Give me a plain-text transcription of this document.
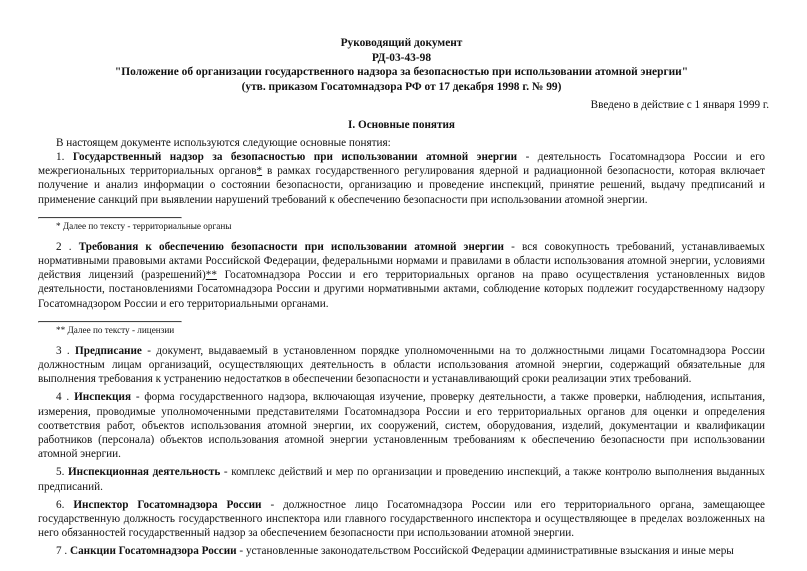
Руководящий документ
РД-03-43-98
"Положение об организации государственного надзора за безопасностью при использовании атомной энергии"
(утв. приказом Госатомнадзора РФ от 17 декабря 1998 г. № 99)
Введено в действие с 1 января 1999 г.
I. Основные понятия

В настоящем документе используются следующие основные понятия:

1. Государственный надзор за безопасностью при использовании атомной энергии - деятельность Госатомнадзора России и его межрегиональных территориальных органов* в рамках государственного регулирования ядерной и радиационной безопасности, которая включает получение и анализ информации о состоянии безопасности, организацию и проведение инспекций, принятие решений, выдачу предписаний и применение санкций при выявлении нарушений требований к обеспечению безопасности при использовании атомной энергии.

* Далее по тексту - территориальные органы

2 . Требования к обеспечению безопасности при использовании атомной энергии - вся совокупность требований, устанавливаемых нормативными правовыми актами Российской Федерации, федеральными нормами и правилами в области использования атомной энергии, условиями действия лицензий (разрешений)** Госатомнадзора России и его территориальных органов на право осуществления установленных видов деятельности, постановлениями Госатомнадзора России и другими нормативными актами, соблюдение которых подлежит государственному надзору Госатомнадзором России и его территориальными органами.

** Далее по тексту - лицензии

3 . Предписание - документ, выдаваемый в установленном порядке уполномоченными на то должностными лицами Госатомнадзора России должностным лицам организаций, осуществляющих деятельность в области использования атомной энергии, содержащий обязательные для выполнения требования к устранению недостатков в обеспечении безопасности и устанавливающий сроки реализации этих требований.

4 . Инспекция - форма государственного надзора, включающая изучение, проверку деятельности, а также проверки, наблюдения, испытания, измерения, проводимые уполномоченными представителями Госатомнадзора России и его территориальных органов для оценки и определения соответствия работ, объектов использования атомной энергии, их сооружений, систем, оборудования, изделий, документации и квалификации работников (персонала) объектов использования атомной энергии установленным требованиям к обеспечению безопасности при использовании атомной энергии.

5. Инспекционная деятельность - комплекс действий и мер по организации и проведению инспекций, а также контролю выполнения выданных предписаний.

6. Инспектор Госатомнадзора России - должностное лицо Госатомнадзора России или его территориального органа, замещающее государственную должность государственного инспектора или главного государственного инспектора и осуществляющее в пределах возложенных на него обязанностей государственный надзор за обеспечением безопасности при использовании атомной энергии.

7 . Санкции Госатомнадзора России - установленные законодательством Российской Федерации административные взыскания и иные меры
